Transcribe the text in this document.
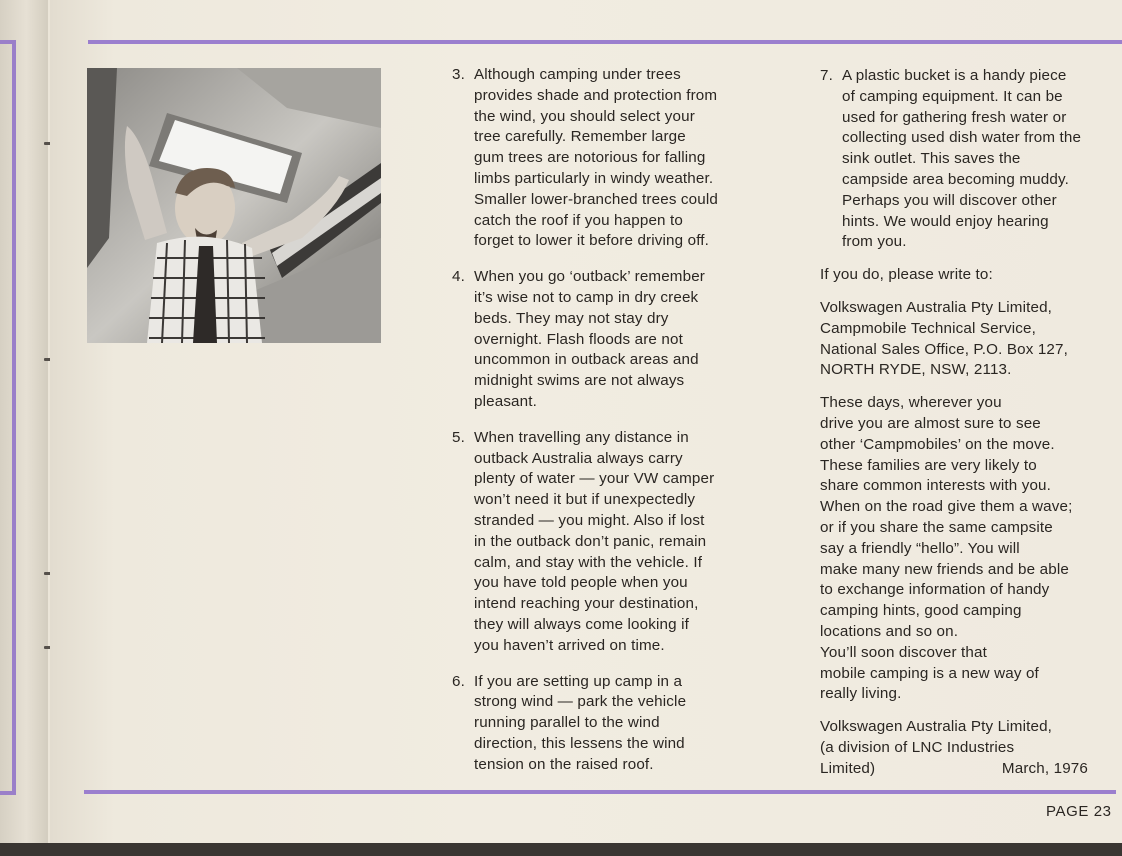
3. Although camping under trees
provides shade and protection from
the wind, you should select your
tree carefully. Remember large
gum trees are notorious for falling
limbs particularly in windy weather.
Smaller lower-branched trees could
catch the roof if you happen to
forget to lower it before driving off.
4. When you go ‘outback’ remember
it’s wise not to camp in dry creek
beds. They may not stay dry
overnight. Flash floods are not
uncommon in outback areas and
midnight swims are not always
pleasant.
5. When travelling any distance in
outback Australia always carry
plenty of water — your VW camper
won’t need it but if unexpectedly
stranded — you might. Also if lost
in the outback don’t panic, remain
calm, and stay with the vehicle. If
you have told people when you
intend reaching your destination,
they will always come looking if
you haven’t arrived on time.
6. If you are setting up camp in a
strong wind — park the vehicle
running parallel to the wind
direction, this lessens the wind
tension on the raised roof.
7. A plastic bucket is a handy piece
of camping equipment. It can be
used for gathering fresh water or
collecting used dish water from the
sink outlet. This saves the
campside area becoming muddy.
Perhaps you will discover other
hints. We would enjoy hearing
from you.
If you do, please write to:
Volkswagen Australia Pty Limited,
Campmobile Technical Service,
National Sales Office, P.O. Box 127,
NORTH RYDE, NSW, 2113.
These days, wherever you
drive you are almost sure to see
other ‘Campmobiles’ on the move.
These families are very likely to
share common interests with you.
When on the road give them a wave;
or if you share the same campsite
say a friendly “hello”. You will
make many new friends and be able
to exchange information of handy
camping hints, good camping
locations and so on.
You’ll soon discover that
mobile camping is a new way of
really living.
Volkswagen Australia Pty Limited,
(a division of LNC Industries
Limited)	March, 1976
PAGE 23
